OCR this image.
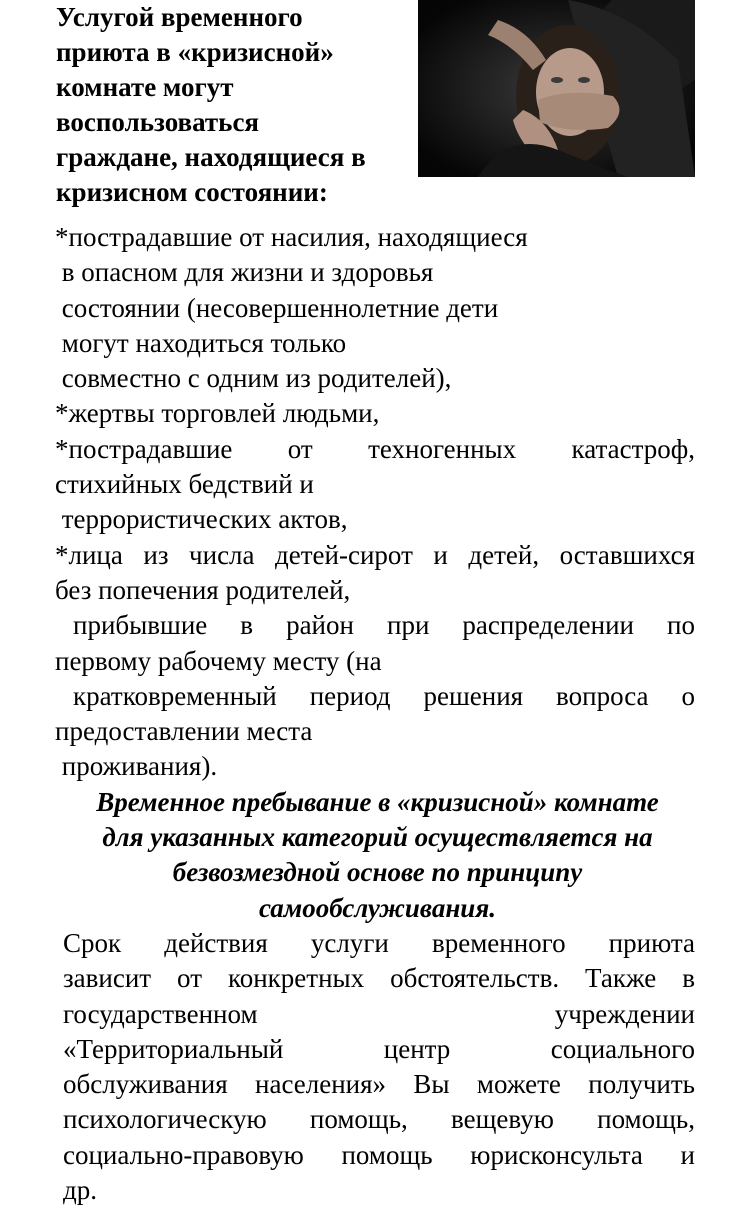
Услугой временного
приюта в «кризисной»
комнате могут
воспользоваться
граждане, находящиеся в
кризисном состоянии:
*пострадавшие от насилия, находящиеся
в опасном для жизни и здоровья
состоянии (несовершеннолетние дети
могут находиться только
совместно с одним из родителей),
*жертвы торговлей людьми,
*пострадавшие от техногенных катастроф,
стихийных бедствий и
террористических актов,
*лица из числа детей-сирот и детей, оставшихся
без попечения родителей,
прибывшие в район при распределении по
первому рабочему месту (на
кратковременный период решения вопроса о
предоставлении места
проживания).
Временное пребывание в «кризисной» комнате
для указанных категорий осуществляется на
безвозмездной основе по принципу
самообслуживания.
Срок действия услуги временного приюта
зависит от конкретных обстоятельств. Также в
государственном учреждении
«Территориальный центр социального
обслуживания населения» Вы можете получить
психологическую помощь, вещевую помощь,
социально-правовую помощь юрисконсульта и
др.
